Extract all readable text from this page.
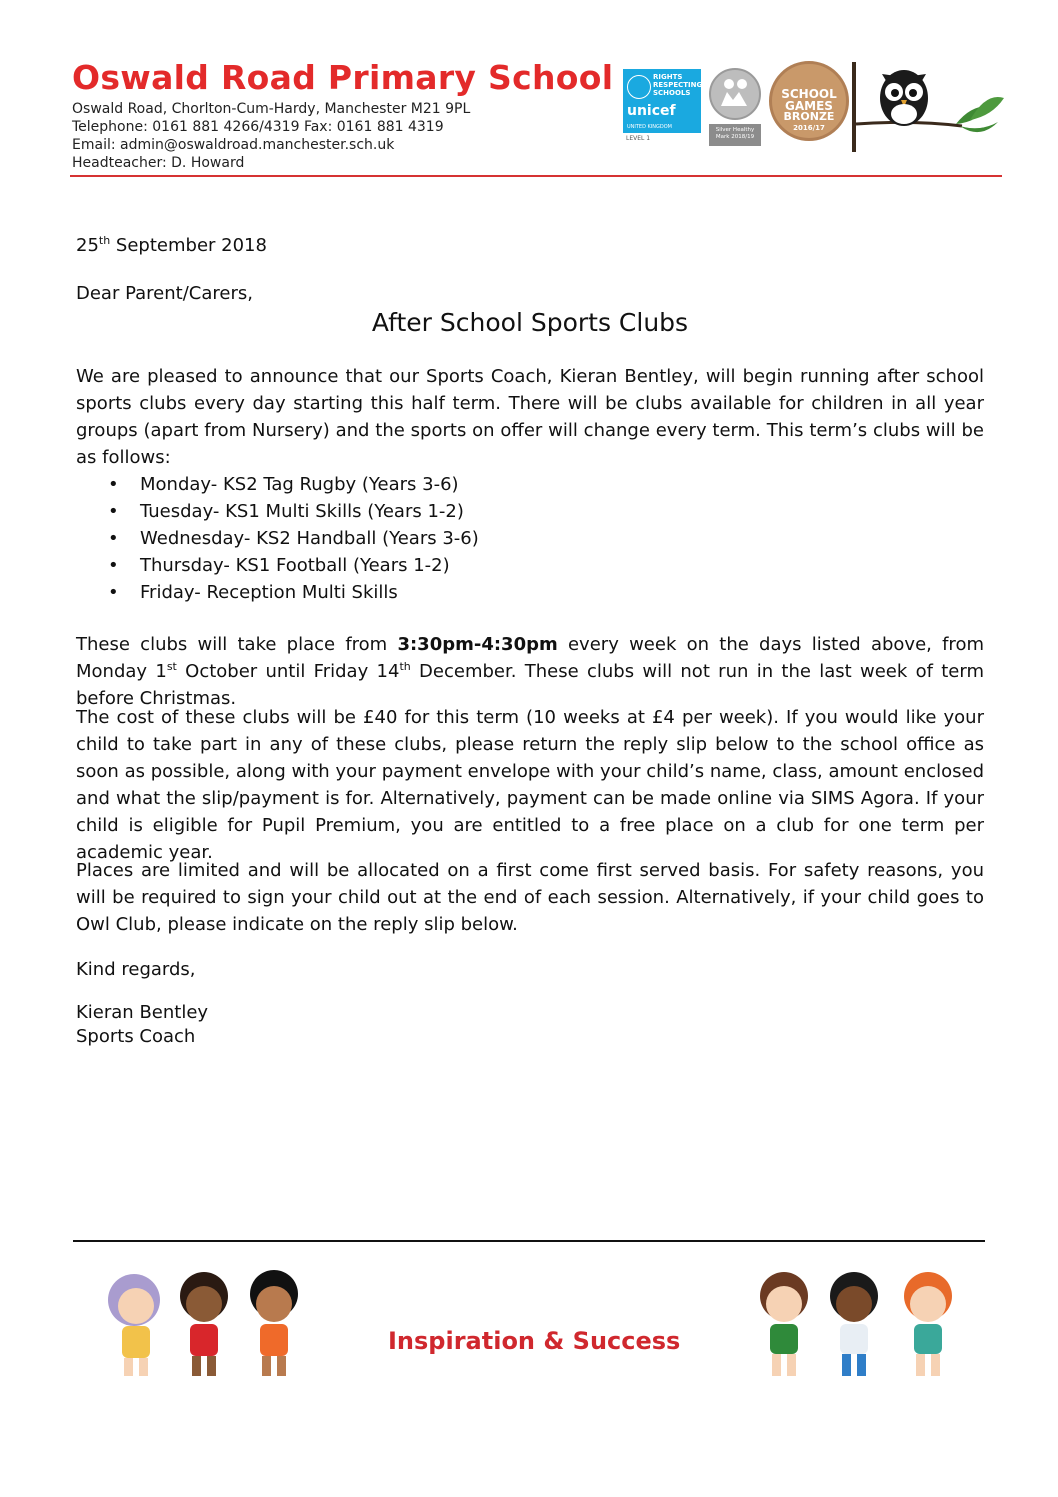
Oswald Road Primary School
Oswald Road, Chorlton-Cum-Hardy, Manchester M21 9PL
Telephone: 0161 881 4266/4319 Fax: 0161 881 4319
Email: admin@oswaldroad.manchester.sch.uk
Headteacher: D. Howard
RIGHTS RESPECTING SCHOOLS
unicef
UNITED KINGDOM
LEVEL 1
Silver Healthy Mark 2018/19
SCHOOL GAMES
BRONZE
2016/17
25th September 2018
Dear Parent/Carers,
After School Sports Clubs
We are pleased to announce that our Sports Coach, Kieran Bentley, will begin running after school sports clubs every day starting this half term. There will be clubs available for children in all year groups (apart from Nursery) and the sports on offer will change every term. This term’s clubs will be as follows:
• Monday- KS2 Tag Rugby (Years 3-6)
• Tuesday- KS1 Multi Skills (Years 1-2)
• Wednesday- KS2 Handball (Years 3-6)
• Thursday- KS1 Football (Years 1-2)
• Friday- Reception Multi Skills
These clubs will take place from 3:30pm-4:30pm every week on the days listed above, from Monday 1st October until Friday 14th December. These clubs will not run in the last week of term before Christmas.
The cost of these clubs will be £40 for this term (10 weeks at £4 per week). If you would like your child to take part in any of these clubs, please return the reply slip below to the school office as soon as possible, along with your payment envelope with your child’s name, class, amount enclosed and what the slip/payment is for. Alternatively, payment can be made online via SIMS Agora. If your child is eligible for Pupil Premium, you are entitled to a free place on a club for one term per academic year.
Places are limited and will be allocated on a first come first served basis. For safety reasons, you will be required to sign your child out at the end of each session. Alternatively, if your child goes to Owl Club, please indicate on the reply slip below.
Kind regards,
Kieran Bentley
Sports Coach
Inspiration & Success
